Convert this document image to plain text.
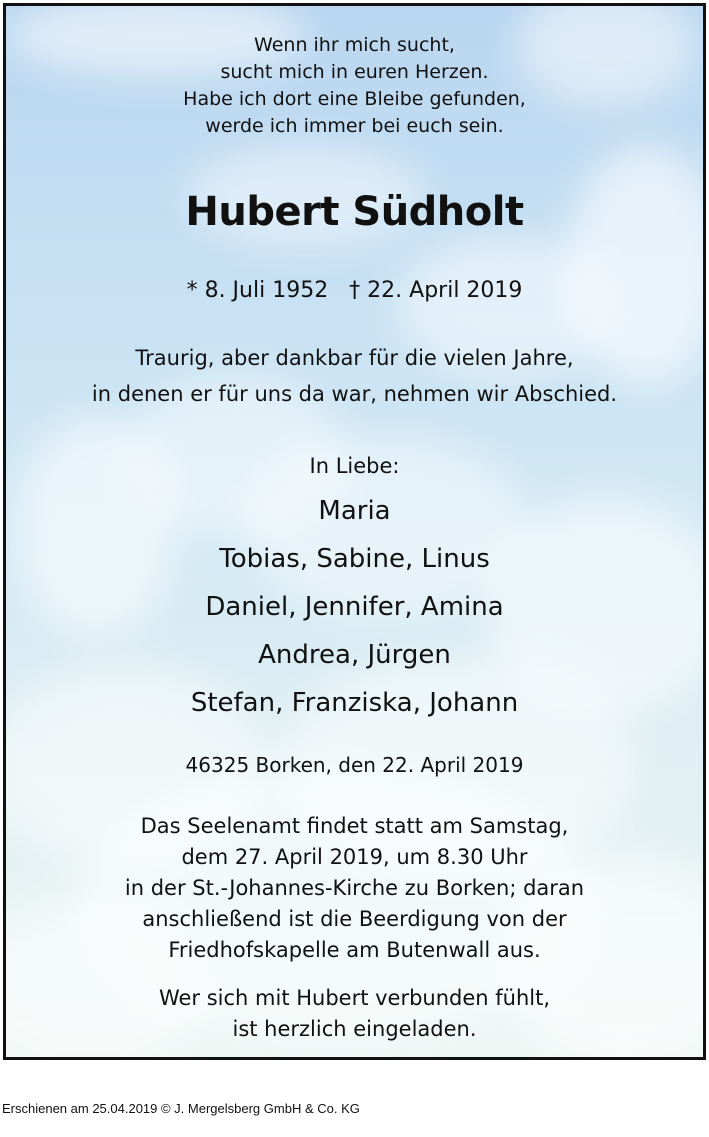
Wenn ihr mich sucht,
sucht mich in euren Herzen.
Habe ich dort eine Bleibe gefunden,
werde ich immer bei euch sein.
Hubert Südholt
* 8. Juli 1952   † 22. April 2019
Traurig, aber dankbar für die vielen Jahre,
in denen er für uns da war, nehmen wir Abschied.
In Liebe:
Maria
Tobias, Sabine, Linus
Daniel, Jennifer, Amina
Andrea, Jürgen
Stefan, Franziska, Johann
46325 Borken, den 22. April 2019
Das Seelenamt findet statt am Samstag,
dem 27. April 2019, um 8.30 Uhr
in der St.-Johannes-Kirche zu Borken; daran
anschließend ist die Beerdigung von der
Friedhofskapelle am Butenwall aus.
Wer sich mit Hubert verbunden fühlt,
ist herzlich eingeladen.
Erschienen am 25.04.2019 © J. Mergelsberg GmbH & Co. KG
